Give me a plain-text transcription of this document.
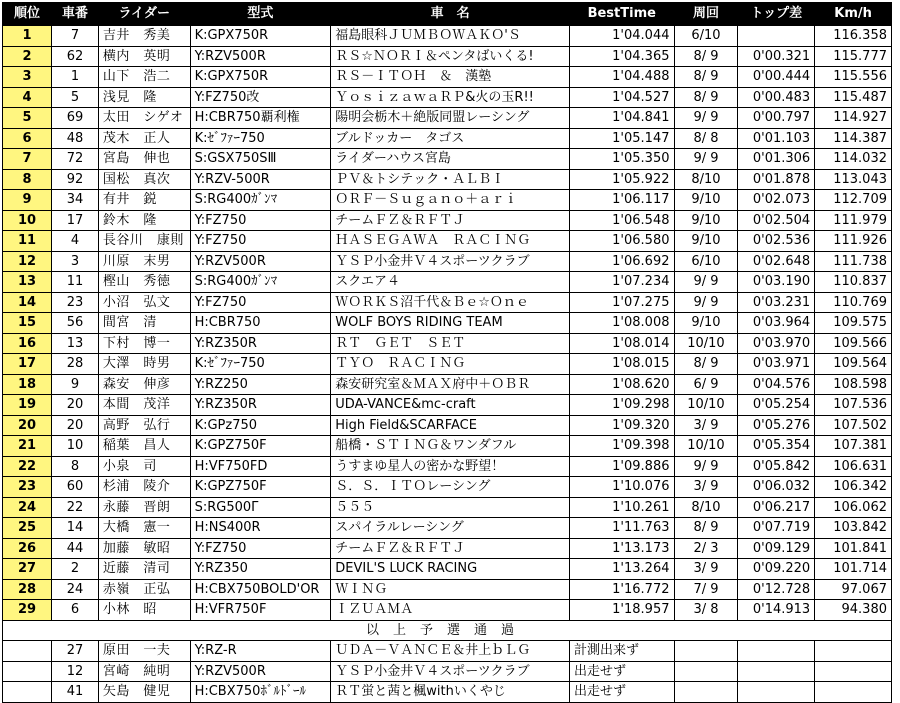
順位	車番	ライダー	型式	車　名	BestTime	周回	トップ差	Km/h
1	7	吉井　秀美	K:GPX750R	福島眼科ＪＵＭＢＯＷＡＫＯ'Ｓ	1'04.044	6/10		116.358
2	62	横内　英明	Y:RZV500R	ＲＳ☆ＮＯＲＩ＆ペンタばいくる!	1'04.365	8/ 9	0'00.321	115.777
3	1	山下　浩二	K:GPX750R	ＲＳ－ＩＴＯＨ　＆　漢塾	1'04.488	8/ 9	0'00.444	115.556
4	5	浅見　隆	Y:FZ750改	ＹｏｓｉｚａｗａＲＰ&火の玉R!!	1'04.527	8/ 9	0'00.483	115.487
5	69	太田　シゲオ	H:CBR750覇利権	陽明会栃木＋絶版同盟レーシング	1'04.841	9/ 9	0'00.797	114.927
6	48	茂木　正人	K:ｾﾞﾌｧｰ750	ブルドッカー　タゴス	1'05.147	8/ 8	0'01.103	114.387
7	72	宮島　伸也	S:GSX750SⅢ	ライダーハウス宮島	1'05.350	9/ 9	0'01.306	114.032
8	92	国松　真次	Y:RZV-500R	ＰＶ＆トシテック・ＡＬＢＩ	1'05.922	8/10	0'01.878	113.043
9	34	有井　鋭	S:RG400ｶﾞﾝﾏ	ＯＲＦ－Ｓｕｇａｎｏ＋ａｒｉ	1'06.117	9/10	0'02.073	112.709
10	17	鈴木　隆	Y:FZ750	チームＦＺ＆ＲＦＴＪ	1'06.548	9/10	0'02.504	111.979
11	4	長谷川　康則	Y:FZ750	ＨＡＳＥＧＡＷＡ　ＲＡＣＩＮＧ	1'06.580	9/10	0'02.536	111.926
12	3	川原　末男	Y:RZV500R	ＹＳＰ小金井Ｖ４スポーツクラブ	1'06.692	6/10	0'02.648	111.738
13	11	樫山　秀徳	S:RG400ｶﾞﾝﾏ	スクエア４	1'07.234	9/ 9	0'03.190	110.837
14	23	小沼　弘文	Y:FZ750	ＷＯＲＫＳ沼千代＆Ｂｅ☆Ｏｎｅ	1'07.275	9/ 9	0'03.231	110.769
15	56	間宮　清	H:CBR750	WOLF BOYS RIDING TEAM	1'08.008	9/10	0'03.964	109.575
16	13	下村　博一	Y:RZ350R	ＲＴ　ＧＥＴ　ＳＥＴ	1'08.014	10/10	0'03.970	109.566
17	28	大澤　時男	K:ｾﾞﾌｧｰ750	ＴＹＯ　ＲＡＣＩＮＧ	1'08.015	8/ 9	0'03.971	109.564
18	9	森安　伸彦	Y:RZ250	森安研究室＆ＭＡＸ府中＋ＯＢＲ	1'08.620	6/ 9	0'04.576	108.598
19	20	本間　茂洋	Y:RZ350R	UDA-VANCE&mc-craft	1'09.298	10/10	0'05.254	107.536
20	20	高野　弘行	K:GPz750	High Field&SCARFACE	1'09.320	3/ 9	0'05.276	107.502
21	10	稲葉　昌人	K:GPZ750F	船橋・ＳＴＩＮＧ＆ワンダフル	1'09.398	10/10	0'05.354	107.381
22	8	小泉　司	H:VF750FD	うすまゆ星人の密かな野望！	1'09.886	9/ 9	0'05.842	106.631
23	60	杉浦　陵介	K:GPZ750F	Ｓ．Ｓ．ＩＴＯレーシング	1'10.076	3/ 9	0'06.032	106.342
24	22	永藤　晋朗	S:RG500Γ	５５５	1'10.261	8/10	0'06.217	106.062
25	14	大橋　憲一	H:NS400R	スパイラルレーシング	1'11.763	8/ 9	0'07.719	103.842
26	44	加藤　敏昭	Y:FZ750	チームＦＺ＆ＲＦＴＪ	1'13.173	2/ 3	0'09.129	101.841
27	2	近藤　清司	Y:RZ350	DEVIL'S LUCK RACING	1'13.264	3/ 9	0'09.220	101.714
28	24	赤嶺　正弘	H:CBX750BOLD'OR	ＷＩＮＧ	1'16.772	7/ 9	0'12.728	97.067
29	6	小林　昭	H:VFR750F	ＩＺＵＡＭＡ	1'18.957	3/ 8	0'14.913	94.380
以上予選通過								
	27	原田　一夫	Y:RZ-R	ＵＤＡ－ＶＡＮＣＥ＆井上ｂＬＧ	計測出来ず			
	12	宮崎　純明	Y:RZV500R	ＹＳＰ小金井Ｖ４スポーツクラブ	出走せず			
	41	矢島　健児	H:CBX750ﾎﾞﾙﾄﾞｰﾙ	ＲＴ蛍と茜と楓withいくやじ	出走せず			
